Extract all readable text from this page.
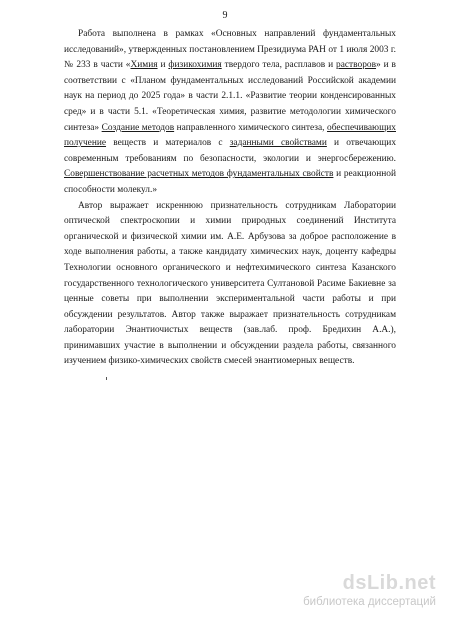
9

Работа выполнена в рамках «Основных направлений фундаментальных исследований», утвержденных постановлением Президиума РАН от 1 июля 2003 г. № 233 в части «Химия и физикохимия твердого тела, расплавов и растворов» и в соответствии с «Планом фундаментальных исследований Российской академии наук на период до 2025 года» в части 2.1.1. «Развитие теории конденсированных сред» и в части 5.1. «Теоретическая химия, развитие методологии химического синтеза» Создание методов направленного химического синтеза, обеспечивающих получение веществ и материалов с заданными свойствами и отвечающих современным требованиям по безопасности, экологии и энергосбережению. Совершенствование расчетных методов фундаментальных свойств и реакционной способности молекул.»

Автор выражает искреннюю признательность сотрудникам Лаборатории оптической спектроскопии и химии природных соединений Института органической и физической химии им. А.Е. Арбузова за доброе расположение в ходе выполнения работы, а также кандидату химических наук, доценту кафедры Технологии основного органического и нефтехимического синтеза Казанского государственного технологического университета Султановой Расиме Бакиевне за ценные советы при выполнении экспериментальной части работы и при обсуждении результатов. Автор также выражает признательность сотрудникам лаборатории Энантиочистых веществ (зав.лаб. проф. Бредихин А.А.), принимавших участие в выполнении и обсуждении раздела работы, связанного изучением физико-химических свойств смесей энантиомерных веществ.

dsLib.net
библиотека диссертаций
